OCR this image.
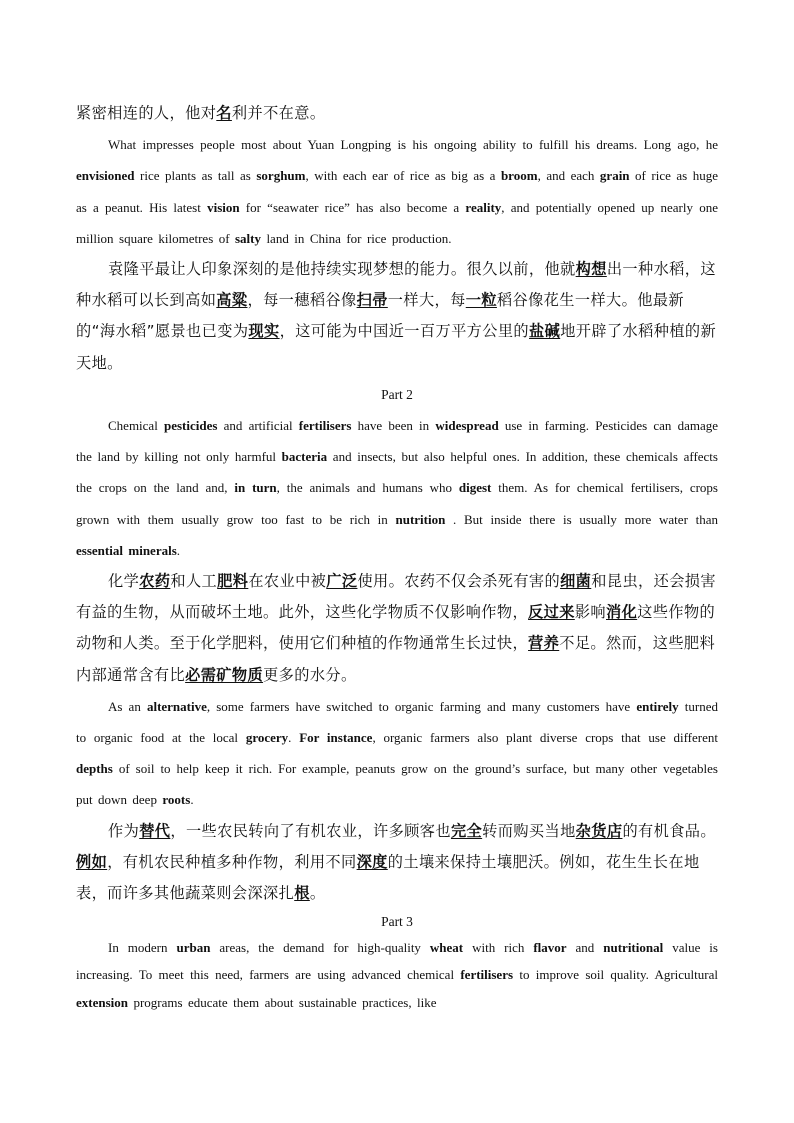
紧密相连的人，他对名利并不在意。

What impresses people most about Yuan Longping is his ongoing ability to fulfill his dreams. Long ago, he envisioned rice plants as tall as sorghum, with each ear of rice as big as a broom, and each grain of rice as huge as a peanut. His latest vision for “seawater rice” has also become a reality, and potentially opened up nearly one million square kilometres of salty land in China for rice production.

袁隆平最让人印象深刻的是他持续实现梦想的能力。很久以前，他就构想出一种水稻，这种水稻可以长到高如高粱，每一穗稻谷像扫帚一样大，每一粒稻谷像花生一样大。他最新的“海水稻”愿景也已变为现实，这可能为中国近一百万平方公里的盐碱地开辟了水稻种植的新天地。

Part 2

Chemical pesticides and artificial fertilisers have been in widespread use in farming. Pesticides can damage the land by killing not only harmful bacteria and insects, but also helpful ones. In addition, these chemicals affects the crops on the land and, in turn, the animals and humans who digest them. As for chemical fertilisers, crops grown with them usually grow too fast to be rich in nutrition . But inside there is usually more water than essential minerals.

化学农药和人工肥料在农业中被广泛使用。农药不仅会杀死有害的细菌和昆虫，还会损害有益的生物，从而破坏土地。此外，这些化学物质不仅影响作物，反过来影响消化这些作物的动物和人类。至于化学肥料，使用它们种植的作物通常生长过快，营养不足。然而，这些肥料内部通常含有比必需矿物质更多的水分。

As an alternative, some farmers have switched to organic farming and many customers have entirely turned to organic food at the local grocery. For instance, organic farmers also plant diverse crops that use different depths of soil to help keep it rich. For example, peanuts grow on the ground’s surface, but many other vegetables put down deep roots.

作为替代，一些农民转向了有机农业，许多顾客也完全转而购买当地杂货店的有机食品。例如，有机农民种植多种作物，利用不同深度的土壤来保持土壤肥沃。例如，花生生长在地表，而许多其他蔬菜则会深深扎根。

Part 3

In modern urban areas, the demand for high-quality wheat with rich flavor and nutritional value is increasing. To meet this need, farmers are using advanced chemical fertilisers to improve soil quality. Agricultural extension programs educate them about sustainable practices, like
